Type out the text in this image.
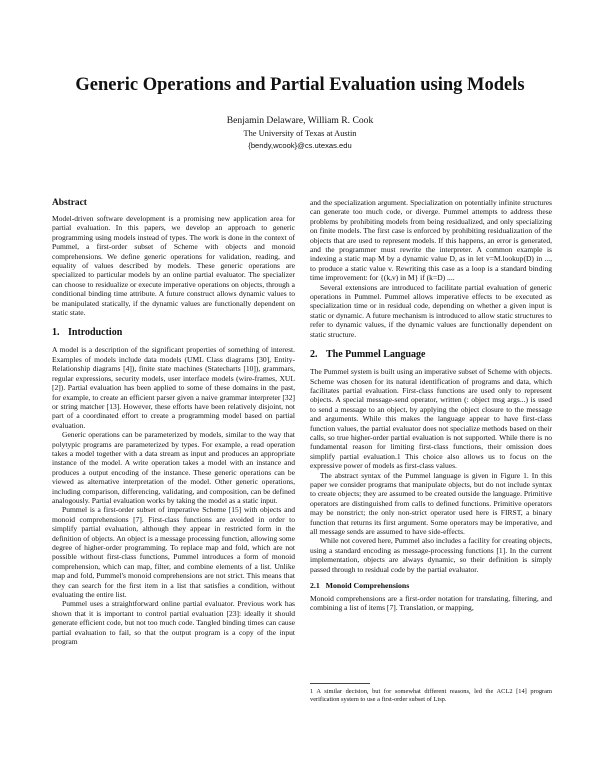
Generic Operations and Partial Evaluation using Models
Benjamin Delaware, William R. Cook
The University of Texas at Austin
{bendy,wcook}@cs.utexas.edu
Abstract

Model-driven software development is a promising new application area for partial evaluation. In this papers, we develop an approach to generic programming using models instead of types. The work is done in the context of Pummel, a first-order subset of Scheme with objects and monoid comprehensions. We define generic operations for validation, reading, and equality of values described by models. These generic operations are specialized to particular models by an online partial evaluator. The specializer can choose to residualize or execute imperative operations on objects, through a conditional binding time attribute. A future construct allows dynamic values to be manipulated statically, if the dynamic values are functionally dependent on static state.

1. Introduction

A model is a description of the significant properties of something of interest. Examples of models include data models (UML Class diagrams [30], Entity-Relationship diagrams [4]), finite state machines (Statecharts [10]), grammars, regular expressions, security models, user interface models (wire-frames, XUL [2]). Partial evaluation has been applied to some of these domains in the past, for example, to create an efficient parser given a naive grammar interpreter [32] or string matcher [13]. However, these efforts have been relatively disjoint, not part of a coordinated effort to create a programming model based on partial evaluation.

Generic operations can be parameterized by models, similar to the way that polytypic programs are parameterized by types. For example, a read operation takes a model together with a data stream as input and produces an appropriate instance of the model. A write operation takes a model with an instance and produces a output encoding of the instance. These generic operations can be viewed as alternative interpretation of the model. Other generic operations, including comparison, differencing, validating, and composition, can be defined analogously. Partial evaluation works by taking the model as a static input.

Pummel is a first-order subset of imperative Scheme [15] with objects and monoid comprehensions [7]. First-class functions are avoided in order to simplify partial evaluation, although they appear in restricted form in the definition of objects. An object is a message processing function, allowing some degree of higher-order programming. To replace map and fold, which are not possible without first-class functions, Pummel introduces a form of monoid comprehension, which can map, filter, and combine elements of a list. Unlike map and fold, Pummel's monoid comprehensions are not strict. This means that they can search for the first item in a list that satisfies a condition, without evaluating the entire list.

Pummel uses a straightforward online partial evaluator. Previous work has shown that it is important to control partial evaluation [23]: ideally it should generate efficient code, but not too much code. Tangled binding times can cause partial evaluation to fail, so that the output program is a copy of the input program

and the specialization argument. Specialization on potentially infinite structures can generate too much code, or diverge. Pummel attempts to address these problems by prohibiting models from being residualized, and only specializing on finite models. The first case is enforced by prohibiting residualization of the objects that are used to represent models. If this happens, an error is generated, and the programmer must rewrite the interpreter. A common example is indexing a static map M by a dynamic value D, as in let v=M.lookup(D) in ..., to produce a static value v. Rewriting this case as a loop is a standard binding time improvement: for {(k,v) in M} if (k=D) ....

Several extensions are introduced to facilitate partial evaluation of generic operations in Pummel. Pummel allows imperative effects to be executed as specialization time or in residual code, depending on whether a given input is static or dynamic. A future mechanism is introduced to allow static structures to refer to dynamic values, if the dynamic values are functionally dependent on static structure.

2. The Pummel Language

The Pummel system is built using an imperative subset of Scheme with objects. Scheme was chosen for its natural identification of programs and data, which facilitates partial evaluation. First-class functions are used only to represent objects. A special message-send operator, written (: object msg args...) is used to send a message to an object, by applying the object closure to the message and arguments. While this makes the language appear to have first-class function values, the partial evaluator does not specialize methods based on their calls, so true higher-order partial evaluation is not supported. While there is no fundamental reason for limiting first-class functions, their omission does simplify partial evaluation.1 This choice also allows us to focus on the expressive power of models as first-class values.

The abstract syntax of the Pummel language is given in Figure 1. In this paper we consider programs that manipulate objects, but do not include syntax to create objects; they are assumed to be created outside the language. Primitive operators are distinguished from calls to defined functions. Primitive operators may be nonstrict; the only non-strict operator used here is FIRST, a binary function that returns its first argument. Some operators may be imperative, and all message sends are assumed to have side-effects.

While not covered here, Pummel also includes a facility for creating objects, using a standard encoding as message-processing functions [1]. In the current implementation, objects are always dynamic, so their definition is simply passed through to residual code by the partial evaluator.

2.1 Monoid Comprehensions

Monoid comprehensions are a first-order notation for translating, filtering, and combining a list of items [7]. Translation, or mapping,

1 A similar decision, but for somewhat different reasons, led the ACL2 [14] program verification system to use a first-order subset of Lisp.
